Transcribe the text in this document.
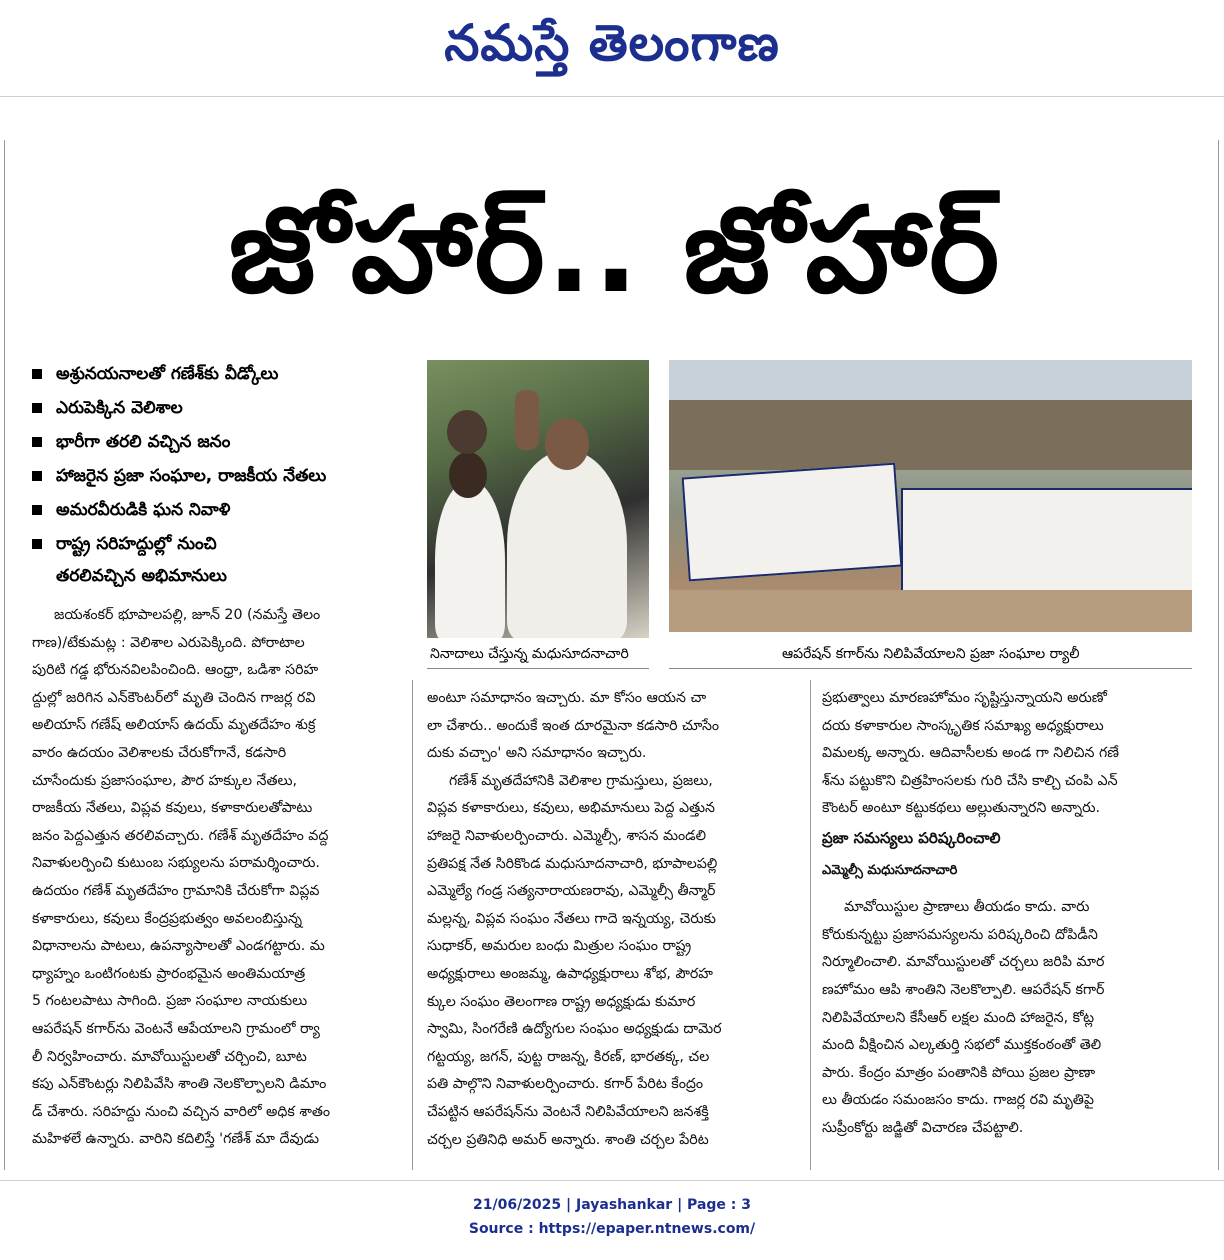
నమస్తే తెలంగాణ
జోహార్.. జోహార్
అశ్రునయనాలతో గణేశ్‌కు వీడ్కోలు
ఎరుపెక్కిన వెలిశాల
భారీగా తరలి వచ్చిన జనం
హాజరైన ప్రజా సంఘాల, రాజకీయ నేతలు
అమరవీరుడికి ఘన నివాళి
రాష్ట్ర సరిహద్దుల్లో నుంచి
తరలివచ్చిన అభిమానులు
నినాదాలు చేస్తున్న మధుసూదనాచారి	ఆపరేషన్ కగార్‌ను నిలిపివేయాలని ప్రజా సంఘాల ర్యాలీ

జయశంకర్ భూపాలపల్లి, జూన్ 20 (నమస్తే తెలం

గాణ)/టేకుమట్ల : వెలిశాల ఎరుపెక్కింది. పోరాటాల

పురిటి గడ్డ భోరునవిలపించింది. ఆంధ్రా, ఒడిశా సరిహ

ద్దుల్లో జరిగిన ఎన్‌కౌంటర్‌లో మృతి చెందిన గాజర్ల రవి

అలియాస్ గణేష్ అలియాస్ ఉదయ్ మృతదేహం శుక్ర

వారం ఉదయం వెలిశాలకు చేరుకోగానే, కడసారి

చూసేందుకు ప్రజాసంఘాల, పౌర హక్కుల నేతలు,

రాజకీయ నేతలు, విప్లవ కవులు, కళాకారులతోపాటు

జనం పెద్దఎత్తున తరలివచ్చారు. గణేశ్ మృతదేహం వద్ద

నివాళులర్పించి కుటుంబ సభ్యులను పరామర్శించారు.

ఉదయం గణేశ్ మృతదేహం గ్రామానికి చేరుకోగా విప్లవ

కళాకారులు, కవులు కేంద్రప్రభుత్వం అవలంబిస్తున్న

విధానాలను పాటలు, ఉపన్యాసాలతో ఎండగట్టారు. మ

ధ్యాహ్నం ఒంటిగంటకు ప్రారంభమైన అంతిమయాత్ర

5 గంటలపాటు సాగింది. ప్రజా సంఘాల నాయకులు

ఆపరేషన్ కగార్‌ను వెంటనే ఆపేయాలని గ్రామంలో ర్యా

లీ నిర్వహించారు. మావోయిస్టులతో చర్చించి, బూట

కపు ఎన్‌కౌంటర్లు నిలిపివేసి శాంతి నెలకొల్పాలని డిమాం

డ్ చేశారు. సరిహద్దు నుంచి వచ్చిన వారిలో అధిక శాతం

మహిళలే ఉన్నారు. వారిని కదిలిస్తే 'గణేశ్ మా దేవుడు

అంటూ సమాధానం ఇచ్చారు. మా కోసం ఆయన చా

లా చేశారు.. అందుకే ఇంత దూరమైనా కడసారి చూసేం

దుకు వచ్చాం' అని సమాధానం ఇచ్చారు.

గణేశ్ మృతదేహానికి వెలిశాల గ్రామస్తులు, ప్రజలు,

విప్లవ కళాకారులు, కవులు, అభిమానులు పెద్ద ఎత్తున

హాజరై నివాళులర్పించారు. ఎమ్మెల్సీ, శాసన మండలి

ప్రతిపక్ష నేత సిరికొండ మధుసూదనాచారి, భూపాలపల్లి

ఎమ్మెల్యే గండ్ర సత్యనారాయణరావు, ఎమ్మెల్సీ తీన్మార్

మల్లన్న, విప్లవ సంఘం నేతలు గాదె ఇన్నయ్య, చెరుకు

సుధాకర్, అమరుల బంధు మిత్రుల సంఘం రాష్ట్ర

అధ్యక్షురాలు అంజమ్మ, ఉపాధ్యక్షురాలు శోభ, పౌరహ

క్కుల సంఘం తెలంగాణ రాష్ట్ర అధ్యక్షుడు కుమార

స్వామి, సింగరేణి ఉద్యోగుల సంఘం అధ్యక్షుడు దామెర

గట్టయ్య, జగన్, పుట్ట రాజన్న, కిరణ్, భారతక్క, చల

పతి పాల్గొని నివాళులర్పించారు. కగార్ పేరిట కేంద్రం

చేపట్టిన ఆపరేషన్‌ను వెంటనే నిలిపివేయాలని జనశక్తి

చర్చల ప్రతినిధి అమర్ అన్నారు. శాంతి చర్చల పేరిట

ప్రభుత్వాలు మారణహోమం సృష్టిస్తున్నాయని అరుణో

దయ కళాకారుల సాంస్కృతిక సమాఖ్య అధ్యక్షురాలు

విమలక్క అన్నారు. ఆదివాసీలకు అండ గా నిలిచిన గణే

శ్‌ను పట్టుకొని చిత్రహింసలకు గురి చేసి కాల్చి చంపి ఎన్

కౌంటర్ అంటూ కట్టుకథలు అల్లుతున్నారని అన్నారు.

ప్రజా సమస్యలు పరిష్కరించాలి

ఎమ్మెల్సీ మధుసూదనాచారి

మావోయిస్టుల ప్రాణాలు తీయడం కాదు. వారు

కోరుకున్నట్టు ప్రజాసమస్యలను పరిష్కరించి దోపిడీని

నిర్మూలించాలి. మావోయిస్టులతో చర్చలు జరిపి మార

ణహోమం ఆపి శాంతిని నెలకొల్పాలి. ఆపరేషన్ కగార్

నిలిపివేయాలని కేసీఆర్ లక్షల మంది హాజరైన, కోట్ల

మంది వీక్షించిన ఎల్కతుర్తి సభలో ముక్తకంఠంతో తెలి

పారు. కేంద్రం మాత్రం పంతానికి పోయి ప్రజల ప్రాణా

లు తీయడం సమంజసం కాదు. గాజర్ల రవి మృతిపై

సుప్రీంకోర్టు జడ్జితో విచారణ చేపట్టాలి.

21/06/2025 | Jayashankar | Page : 3
Source : https://epaper.ntnews.com/
